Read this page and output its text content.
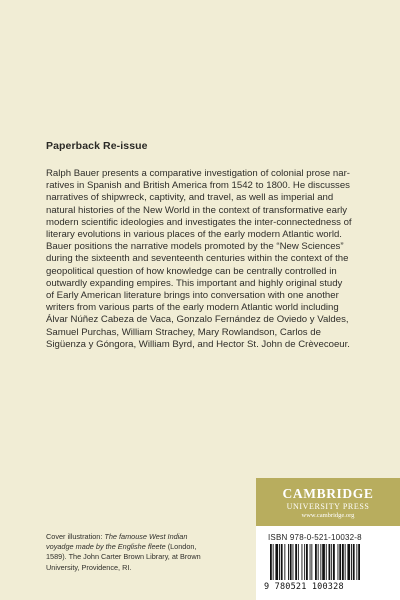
Paperback Re-issue
Ralph Bauer presents a comparative investigation of colonial prose nar-
ratives in Spanish and British America from 1542 to 1800. He discusses
narratives of shipwreck, captivity, and travel, as well as imperial and
natural histories of the New World in the context of transformative early
modern scientific ideologies and investigates the inter-connectedness of
literary evolutions in various places of the early modern Atlantic world.
Bauer positions the narrative models promoted by the “New Sciences”
during the sixteenth and seventeenth centuries within the context of the
geopolitical question of how knowledge can be centrally controlled in
outwardly expanding empires. This important and highly original study
of Early American literature brings into conversation with one another
writers from various parts of the early modern Atlantic world including
Álvar Núñez Cabeza de Vaca, Gonzalo Fernández de Oviedo y Valdes,
Samuel Purchas, William Strachey, Mary Rowlandson, Carlos de
Sigüenza y Góngora, William Byrd, and Hector St. John de Crèvecoeur.
Cover illustration: The famouse West Indian
voyadge made by the Englishe fleete (London,
1589). The John Carter Brown Library, at Brown
University, Providence, RI.
CAMBRIDGE
UNIVERSITY PRESS
www.cambridge.org
ISBN 978-0-521-10032-8
9 780521 100328
